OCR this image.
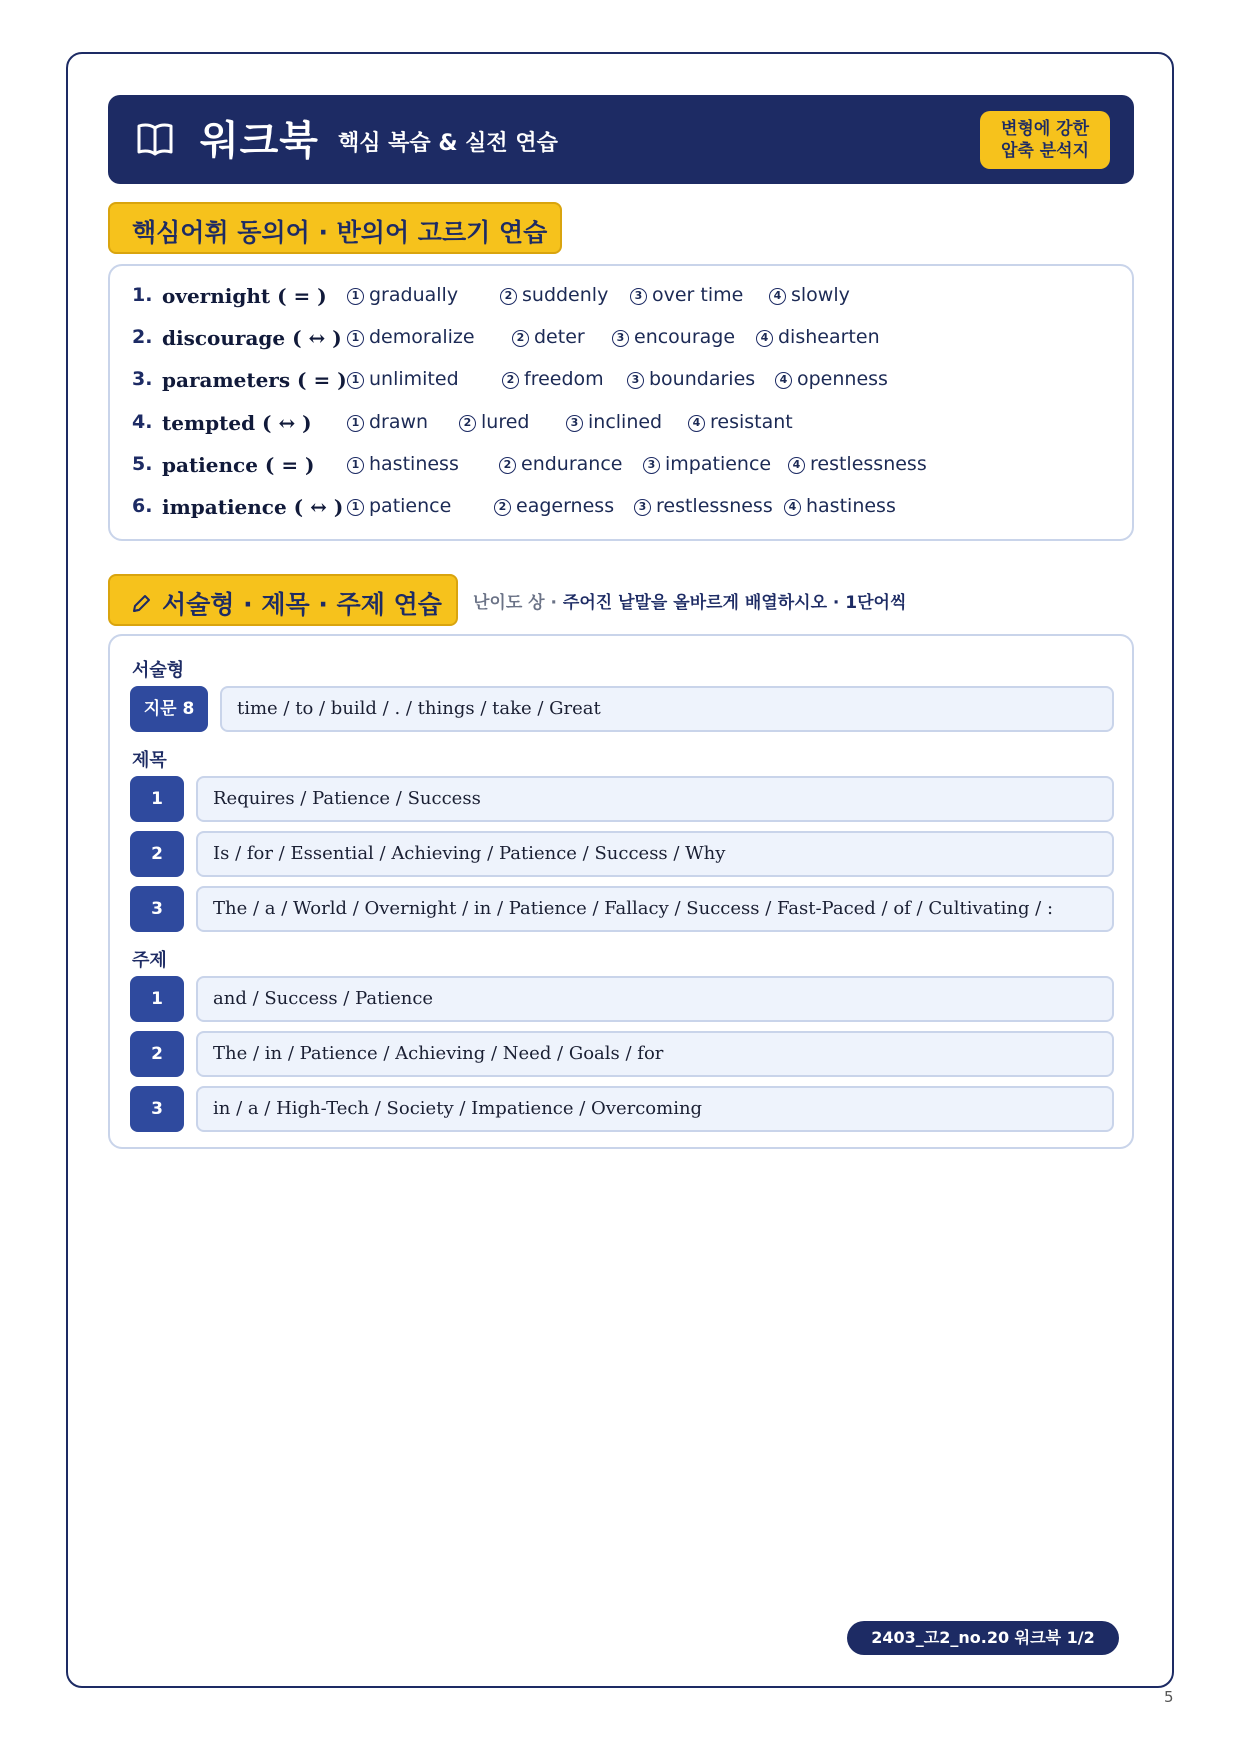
워크북 핵심 복습 & 실전 연습
변형에 강한
압축 분석지
핵심어휘 동의어 · 반의어 고르기 연습
1. overnight ( = )	1 gradually	2 suddenly	3 over time	4 slowly
2. discourage ( ↔ ) 1 demoralize	2 deter	3 encourage	4 dishearten
3. parameters ( = ) 1 unlimited	2 freedom	3 boundaries	4 openness
4. tempted ( ↔ )	1 drawn	2 lured	3 inclined	4 resistant
5. patience ( = )	1 hastiness	2 endurance	3 impatience	4 restlessness
6. impatience ( ↔ ) 1 patience	2 eagerness	3 restlessness	4 hastiness
서술형 · 제목 · 주제 연습	난이도 상 · 주어진 낱말을 올바르게 배열하시오 · 1단어씩
서술형
지문 8	time / to / build / . / things / take / Great
제목
1	Requires / Patience / Success
2	Is / for / Essential / Achieving / Patience / Success / Why
3	The / a / World / Overnight / in / Patience / Fallacy / Success / Fast-Paced / of / Cultivating / :
주제
1	and / Success / Patience
2	The / in / Patience / Achieving / Need / Goals / for
3	in / a / High-Tech / Society / Impatience / Overcoming
2403_고2_no.20 워크북 1/2
5
